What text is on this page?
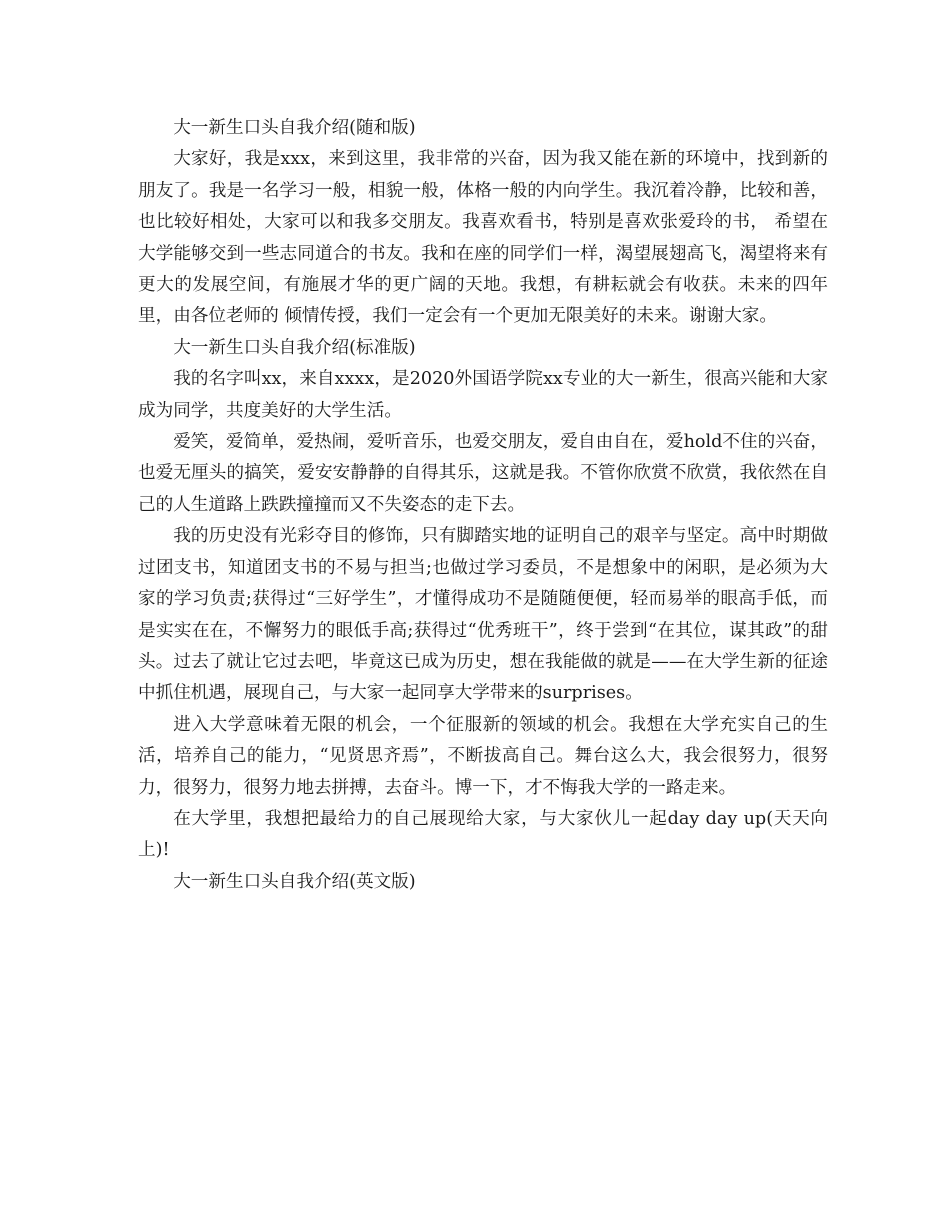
大一新生口头自我介绍(随和版)

大家好，我是xxx，来到这里，我非常的兴奋，因为我又能在新的环境中，找到新的朋友了。我是一名学习一般，相貌一般，体格一般的内向学生。我沉着冷静，比较和善，也比较好相处，大家可以和我多交朋友。我喜欢看书，特别是喜欢张爱玲的书， 希望在大学能够交到一些志同道合的书友。我和在座的同学们一样，渴望展翅高飞，渴望将来有更大的发展空间，有施展才华的更广阔的天地。我想，有耕耘就会有收获。未来的四年里，由各位老师的 倾情传授，我们一定会有一个更加无限美好的未来。谢谢大家。

大一新生口头自我介绍(标准版)

我的名字叫xx，来自xxxx，是2020外国语学院xx专业的大一新生，很高兴能和大家成为同学，共度美好的大学生活。

爱笑，爱简单，爱热闹，爱听音乐，也爱交朋友，爱自由自在，爱hold不住的兴奋，也爱无厘头的搞笑，爱安安静静的自得其乐，这就是我。不管你欣赏不欣赏，我依然在自己的人生道路上跌跌撞撞而又不失姿态的走下去。

我的历史没有光彩夺目的修饰，只有脚踏实地的证明自己的艰辛与坚定。高中时期做过团支书，知道团支书的不易与担当;也做过学习委员，不是想象中的闲职，是必须为大家的学习负责;获得过“三好学生”，才懂得成功不是随随便便，轻而易举的眼高手低，而是实实在在，不懈努力的眼低手高;获得过“优秀班干”，终于尝到“在其位，谋其政”的甜头。过去了就让它过去吧，毕竟这已成为历史，想在我能做的就是——在大学生新的征途中抓住机遇，展现自己，与大家一起同享大学带来的surprises。

进入大学意味着无限的机会，一个征服新的领域的机会。我想在大学充实自己的生活，培养自己的能力，“见贤思齐焉”，不断拔高自己。舞台这么大，我会很努力，很努力，很努力，很努力地去拼搏，去奋斗。博一下，才不悔我大学的一路走来。

在大学里，我想把最给力的自己展现给大家，与大家伙儿一起day day up(天天向上)!

大一新生口头自我介绍(英文版)
